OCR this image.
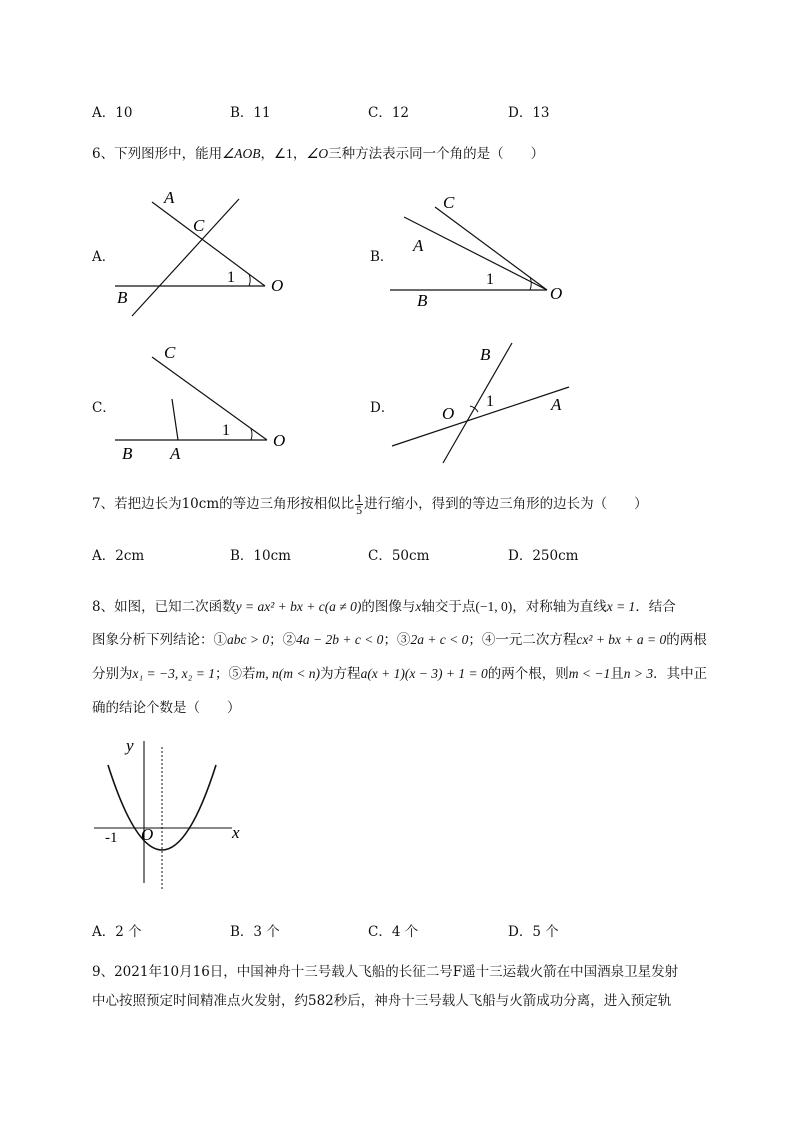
A．10	B．11	C．12	D．13
6、下列图形中，能用∠AOB，∠1，∠O三种方法表示同一个角的是（　　）
A．	B．
C．	D．
A
C
B
O
1
C
A
B	O
1
C
B A
O
1
B
A
O
1
7、若把边长为10cm的等边三角形按相似比 $\frac{1}{5}$ 进行缩小，得到的等边三角形的边长为（　　）
A．2cm	B．10cm	C．50cm	D．250cm
8、如图，已知二次函数y = ax² + bx + c(a ≠ 0)的图像与x轴交于点(−1, 0)，对称轴为直线x = 1．结合
图象分析下列结论：①abc > 0；②4a − 2b + c < 0；③2a + c < 0；④一元二次方程cx² + bx + a = 0的两根
分别为x₁ = −3, x₂ = 1；⑤若m, n(m < n)为方程a(x + 1)(x − 3) + 1 = 0的两个根，则m < −1且n > 3．其中正
确的结论个数是（　　）
y
x
O
-1
A．2 个	B．3 个	C．4 个	D．5 个
9、2021年10月16日，中国神舟十三号载人飞船的长征二号F遥十三运载火箭在中国酒泉卫星发射
中心按照预定时间精准点火发射，约582秒后，神舟十三号载人飞船与火箭成功分离，进入预定轨
